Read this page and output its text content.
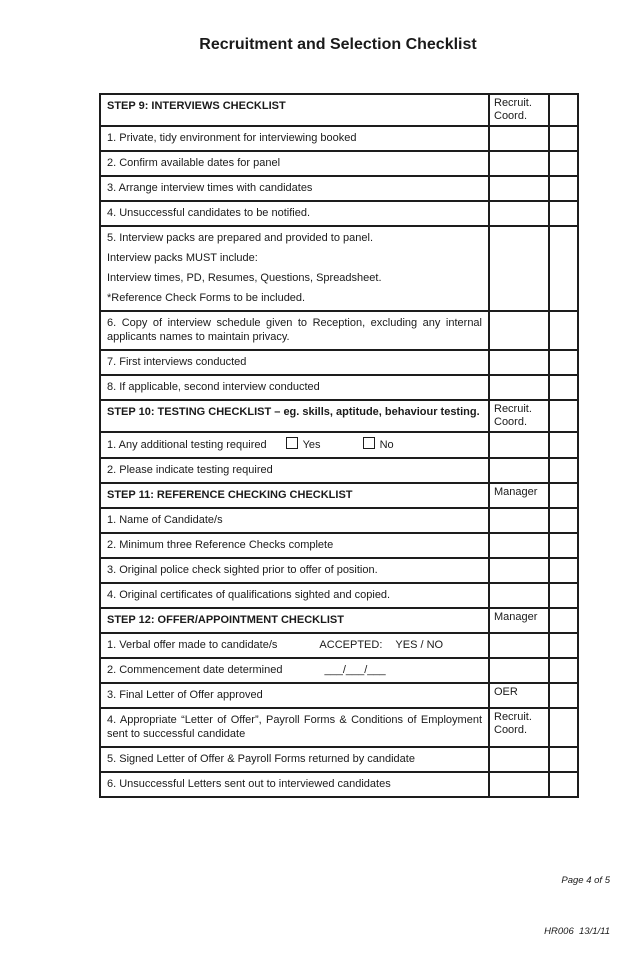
Recruitment and Selection Checklist
STEP 9: INTERVIEWS CHECKLIST	Recruit. Coord.	
1. Private, tidy environment for interviewing booked		
2. Confirm available dates for panel		
3. Arrange interview times with candidates		
4. Unsuccessful candidates to be notified.		

5. Interview packs are prepared and provided to panel.
Interview packs MUST include:
Interview times, PD, Resumes, Questions, Spreadsheet.
*Reference Check Forms to be included.		

6. Copy of interview schedule given to Reception, excluding any internal applicants names to maintain privacy.		
7. First interviews conducted		
8. If applicable, second interview conducted		
STEP 10: TESTING CHECKLIST – eg. skills, aptitude, behaviour testing.	Recruit. Coord.	
1. Any additional testing required Yes No		
2. Please indicate testing required		
STEP 11: REFERENCE CHECKING CHECKLIST	Manager	
1. Name of Candidate/s		
2. Minimum three Reference Checks complete		
3. Original police check sighted prior to offer of position.		
4. Original certificates of qualifications sighted and copied.		
STEP 12: OFFER/APPOINTMENT CHECKLIST	Manager	
1. Verbal offer made to candidate/s ACCEPTED: YES / NO		
2. Commencement date determined ___/___/___		
3. Final Letter of Offer approved	OER	
4. Appropriate “Letter of Offer”, Payroll Forms & Conditions of Employment sent to successful candidate	Recruit. Coord.	
5. Signed Letter of Offer & Payroll Forms returned by candidate		
6. Unsuccessful Letters sent out to interviewed candidates		

Page 4 of 5

HR006  13/1/11
